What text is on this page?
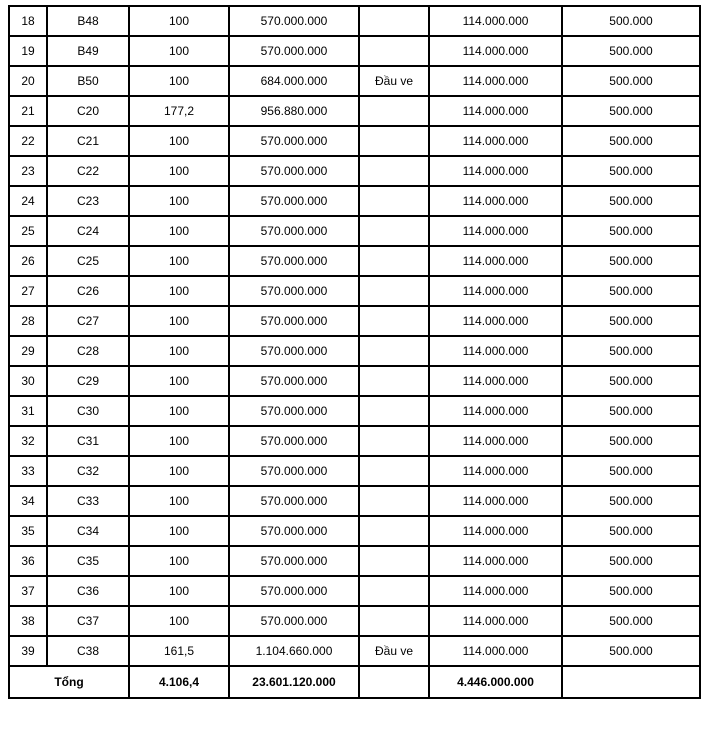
18	B48	100	570.000.000		114.000.000	500.000
19	B49	100	570.000.000		114.000.000	500.000
20	B50	100	684.000.000	Đầu ve	114.000.000	500.000
21	C20	177,2	956.880.000		114.000.000	500.000
22	C21	100	570.000.000		114.000.000	500.000
23	C22	100	570.000.000		114.000.000	500.000
24	C23	100	570.000.000		114.000.000	500.000
25	C24	100	570.000.000		114.000.000	500.000
26	C25	100	570.000.000		114.000.000	500.000
27	C26	100	570.000.000		114.000.000	500.000
28	C27	100	570.000.000		114.000.000	500.000
29	C28	100	570.000.000		114.000.000	500.000
30	C29	100	570.000.000		114.000.000	500.000
31	C30	100	570.000.000		114.000.000	500.000
32	C31	100	570.000.000		114.000.000	500.000
33	C32	100	570.000.000		114.000.000	500.000
34	C33	100	570.000.000		114.000.000	500.000
35	C34	100	570.000.000		114.000.000	500.000
36	C35	100	570.000.000		114.000.000	500.000
37	C36	100	570.000.000		114.000.000	500.000
38	C37	100	570.000.000		114.000.000	500.000
39	C38	161,5	1.104.660.000	Đầu ve	114.000.000	500.000
Tổng		4.106,4	23.601.120.000		4.446.000.000	
